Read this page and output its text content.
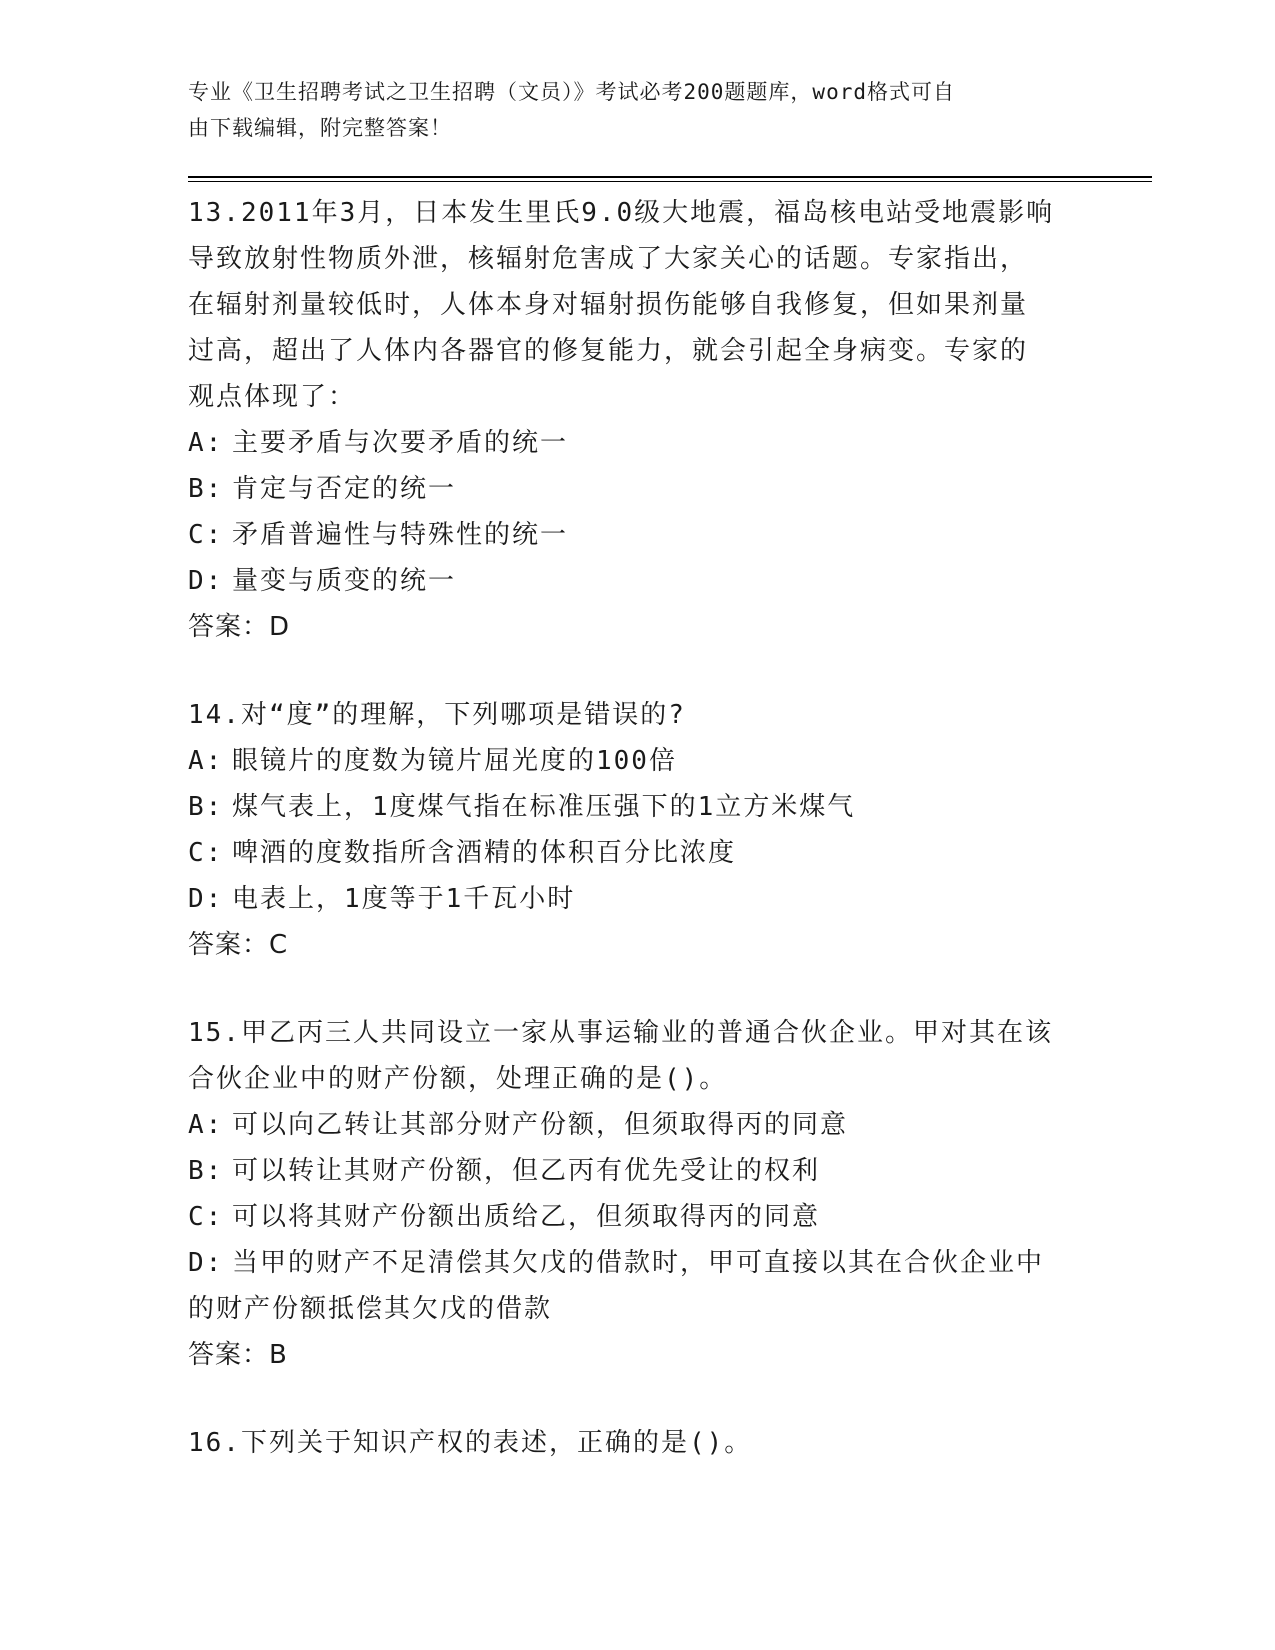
专业《卫生招聘考试之卫生招聘（文员）》考试必考200题题库，word格式可自
由下载编辑，附完整答案！
13.2011年3月，日本发生里氏9.0级大地震，福岛核电站受地震影响
导致放射性物质外泄，核辐射危害成了大家关心的话题。专家指出，
在辐射剂量较低时，人体本身对辐射损伤能够自我修复，但如果剂量
过高，超出了人体内各器官的修复能力，就会引起全身病变。专家的
观点体现了：
A: 主要矛盾与次要矛盾的统一
B: 肯定与否定的统一
C: 矛盾普遍性与特殊性的统一
D: 量变与质变的统一
答案：D
14.对“度”的理解，下列哪项是错误的?
A: 眼镜片的度数为镜片屈光度的100倍
B: 煤气表上，1度煤气指在标准压强下的1立方米煤气
C: 啤酒的度数指所含酒精的体积百分比浓度
D: 电表上，1度等于1千瓦小时
答案：C
15.甲乙丙三人共同设立一家从事运输业的普通合伙企业。甲对其在该
合伙企业中的财产份额，处理正确的是()。
A: 可以向乙转让其部分财产份额，但须取得丙的同意
B: 可以转让其财产份额，但乙丙有优先受让的权利
C: 可以将其财产份额出质给乙，但须取得丙的同意
D: 当甲的财产不足清偿其欠戊的借款时，甲可直接以其在合伙企业中
的财产份额抵偿其欠戊的借款
答案：B
16.下列关于知识产权的表述，正确的是()。
